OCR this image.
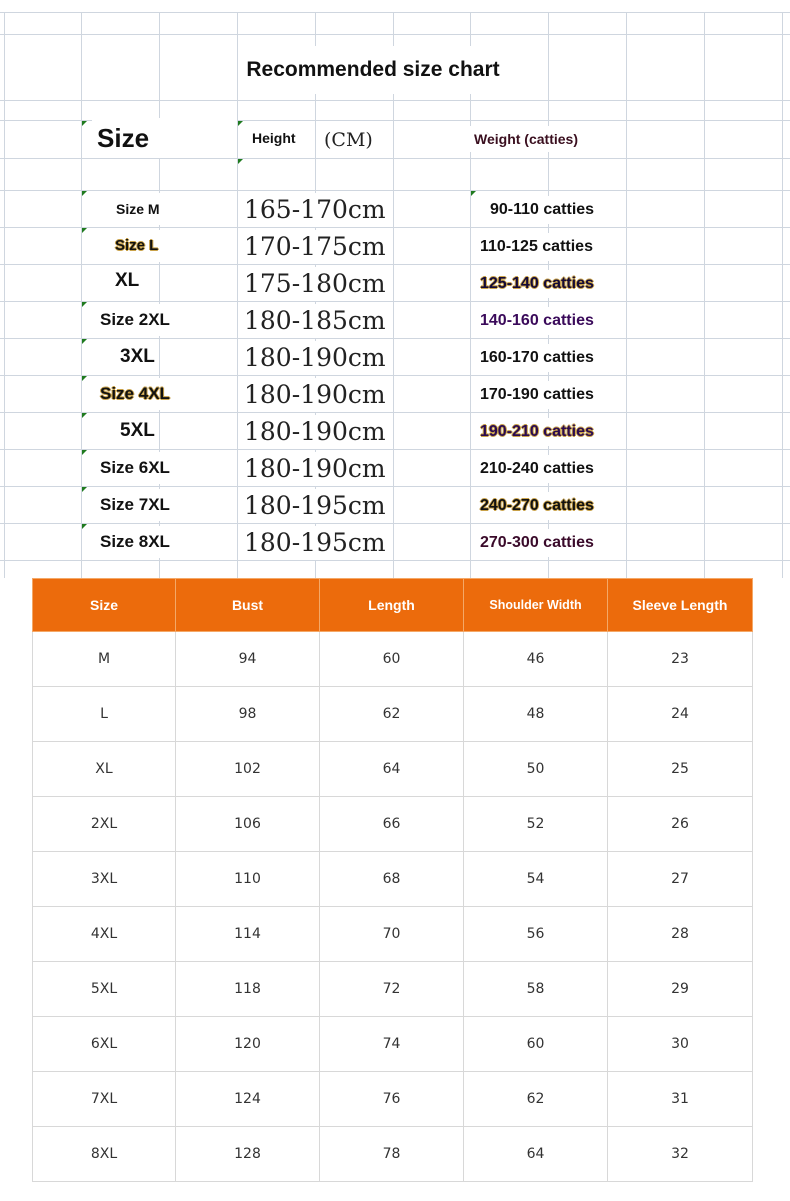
Recommended size chart
Size	Height	(CM)	Weight (catties)
Size M	165-170cm	90-110 catties
Size L	170-175cm	110-125 catties
XL	175-180cm	125-140 catties
Size 2XL	180-185cm	140-160 catties
3XL	180-190cm	160-170 catties
Size 4XL	180-190cm	170-190 catties
5XL	180-190cm	190-210 catties
Size 6XL	180-190cm	210-240 catties
Size 7XL	180-195cm	240-270 catties
Size 8XL	180-195cm	270-300 catties
Size	Bust	Length	Shoulder Width	Sleeve Length
M	94	60	46	23
L	98	62	48	24
XL	102	64	50	25
2XL	106	66	52	26
3XL	110	68	54	27
4XL	114	70	56	28
5XL	118	72	58	29
6XL	120	74	60	30
7XL	124	76	62	31
8XL	128	78	64	32
